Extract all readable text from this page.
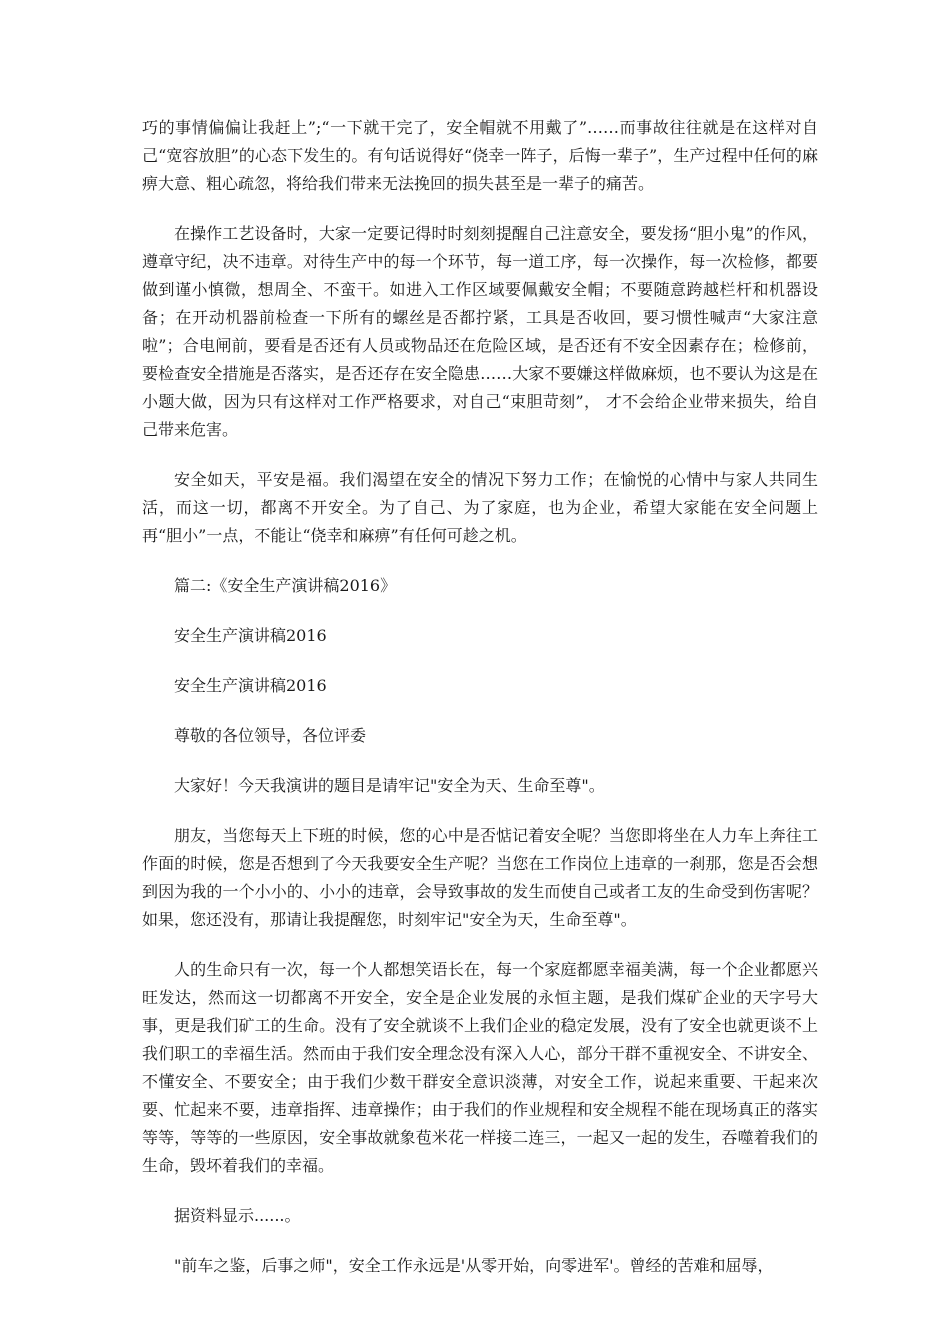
巧的事情偏偏让我赶上”;“一下就干完了，安全帽就不用戴了”……而事故往往就是在这样对自己“宽容放胆”的心态下发生的。有句话说得好“侥幸一阵子，后悔一辈子”，生产过程中任何的麻痹大意、粗心疏忽，将给我们带来无法挽回的损失甚至是一辈子的痛苦。

在操作工艺设备时，大家一定要记得时时刻刻提醒自己注意安全，要发扬“胆小鬼”的作风，遵章守纪，决不违章。对待生产中的每一个环节，每一道工序，每一次操作，每一次检修，都要做到谨小慎微，想周全、不蛮干。如进入工作区域要佩戴安全帽；不要随意跨越栏杆和机器设备；在开动机器前检查一下所有的螺丝是否都拧紧，工具是否收回，要习惯性喊声“大家注意啦”；合电闸前，要看是否还有人员或物品还在危险区域，是否还有不安全因素存在；检修前，要检查安全措施是否落实，是否还存在安全隐患……大家不要嫌这样做麻烦，也不要认为这是在小题大做，因为只有这样对工作严格要求，对自己“束胆苛刻”， 才不会给企业带来损失，给自己带来危害。

安全如天，平安是福。我们渴望在安全的情况下努力工作；在愉悦的心情中与家人共同生活，而这一切，都离不开安全。为了自己、为了家庭，也为企业，希望大家能在安全问题上再“胆小”一点，不能让“侥幸和麻痹”有任何可趁之机。

篇二:《安全生产演讲稿2016》

安全生产演讲稿2016

安全生产演讲稿2016

尊敬的各位领导，各位评委

大家好！今天我演讲的题目是请牢记"安全为天、生命至尊"。

朋友，当您每天上下班的时候，您的心中是否惦记着安全呢？当您即将坐在人力车上奔往工作面的时候，您是否想到了今天我要安全生产呢？当您在工作岗位上违章的一刹那，您是否会想到因为我的一个小小的、小小的违章，会导致事故的发生而使自己或者工友的生命受到伤害呢？如果，您还没有，那请让我提醒您，时刻牢记"安全为天，生命至尊"。

人的生命只有一次，每一个人都想笑语长在，每一个家庭都愿幸福美满，每一个企业都愿兴旺发达，然而这一切都离不开安全，安全是企业发展的永恒主题，是我们煤矿企业的天字号大事，更是我们矿工的生命。没有了安全就谈不上我们企业的稳定发展，没有了安全也就更谈不上我们职工的幸福生活。然而由于我们安全理念没有深入人心，部分干群不重视安全、不讲安全、不懂安全、不要安全；由于我们少数干群安全意识淡薄，对安全工作，说起来重要、干起来次要、忙起来不要，违章指挥、违章操作；由于我们的作业规程和安全规程不能在现场真正的落实等等，等等的一些原因，安全事故就象苞米花一样接二连三，一起又一起的发生，吞噬着我们的生命，毁坏着我们的幸福。

据资料显示......。

"前车之鉴，后事之师"，安全工作永远是'从零开始，向零进军'。曾经的苦难和屈辱，
